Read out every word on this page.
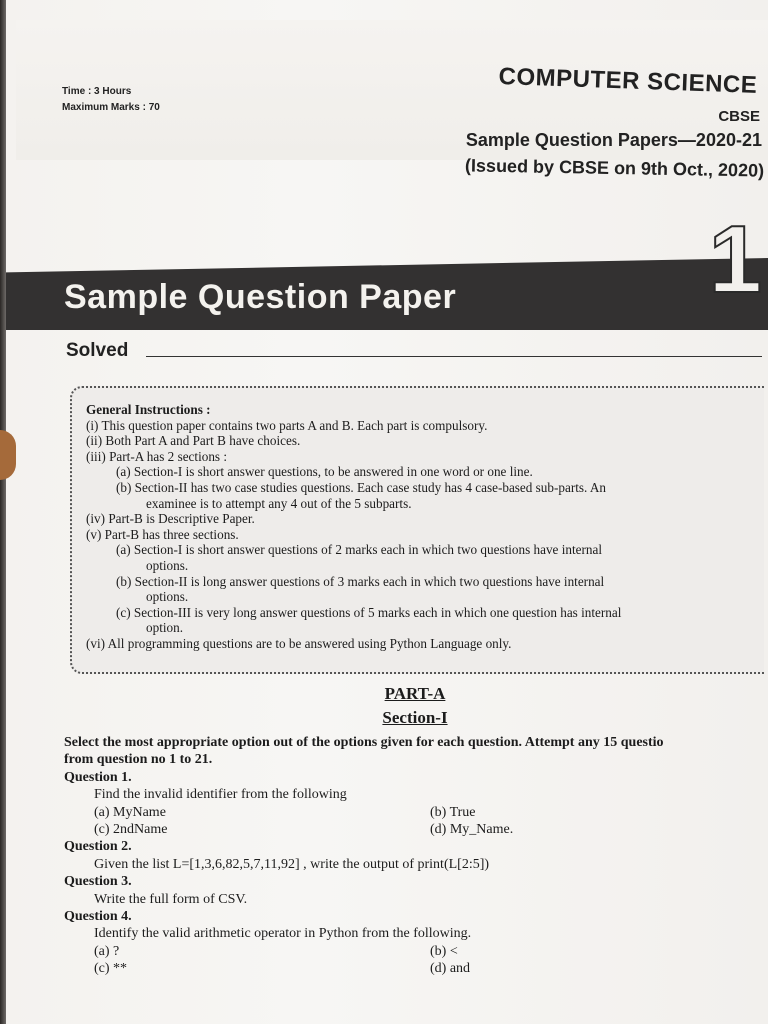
Time : 3 Hours
Maximum Marks : 70
COMPUTER SCIENCE
CBSE
Sample Question Papers—2020-21
(Issued by CBSE on 9th Oct., 2020)
1
Sample Question Paper
Solved
General Instructions :
(i) This question paper contains two parts A and B. Each part is compulsory.
(ii) Both Part A and Part B have choices.
(iii) Part-A has 2 sections :
(a) Section-I is short answer questions, to be answered in one word or one line.
(b) Section-II has two case studies questions. Each case study has 4 case-based sub-parts. An
examinee is to attempt any 4 out of the 5 subparts.
(iv) Part-B is Descriptive Paper.
(v) Part-B has three sections.
(a) Section-I is short answer questions of 2 marks each in which two questions have internal
options.
(b) Section-II is long answer questions of 3 marks each in which two questions have internal
options.
(c) Section-III is very long answer questions of 5 marks each in which one question has internal
option.
(vi) All programming questions are to be answered using Python Language only.
PART-A
Section-I
Select the most appropriate option out of the options given for each question. Attempt any 15 questio
from question no 1 to 21.
Question 1.
Find the invalid identifier from the following
(a) MyName	(b) True
(c) 2ndName	(d) My_Name.
Question 2.
Given the list L=[1,3,6,82,5,7,11,92] , write the output of print(L[2:5])
Question 3.
Write the full form of CSV.
Question 4.
Identify the valid arithmetic operator in Python from the following.
(a) ?	(b) <
(c) **	(d) and
